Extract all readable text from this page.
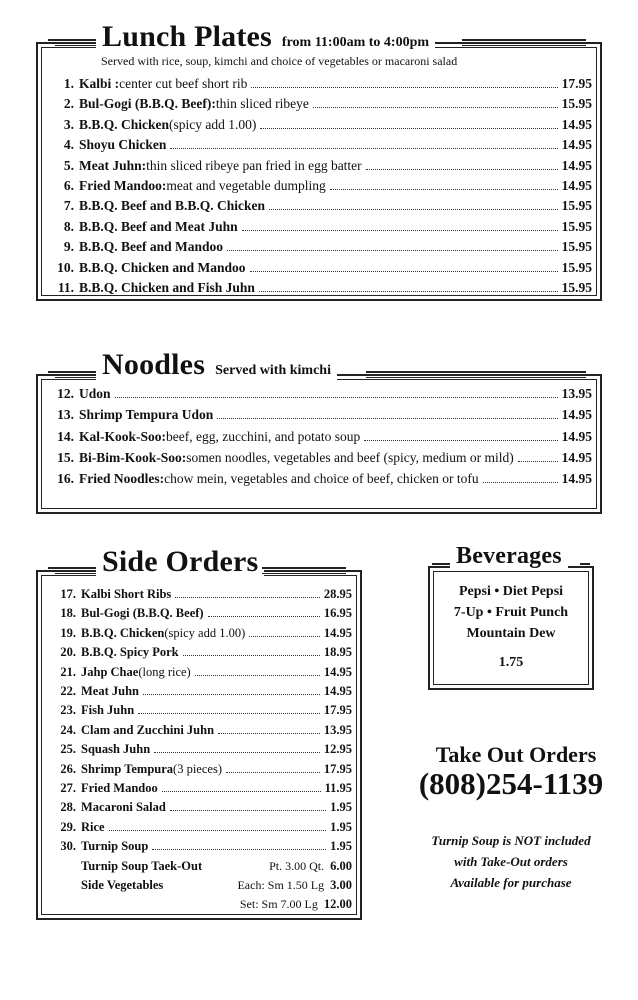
Lunch Plates from 11:00am to 4:00pm
Served with rice, soup, kimchi and choice of vegetables or macaroni salad
1. Kalbi : center cut beef short rib	17.95
2. Bul-Gogi (B.B.Q. Beef): thin sliced ribeye	15.95
3. B.B.Q. Chicken (spicy add 1.00)	14.95
4. Shoyu Chicken	14.95
5. Meat Juhn: thin sliced ribeye pan fried in egg batter	14.95
6. Fried Mandoo: meat and vegetable dumpling	14.95
7. B.B.Q. Beef and B.B.Q. Chicken	15.95
8. B.B.Q. Beef and Meat Juhn	15.95
9. B.B.Q. Beef and Mandoo	15.95
10. B.B.Q. Chicken and Mandoo	15.95
11. B.B.Q. Chicken and Fish Juhn	15.95
Noodles Served with kimchi
12. Udon	13.95
13. Shrimp Tempura Udon	14.95
14. Kal-Kook-Soo: beef, egg, zucchini, and potato soup	14.95
15. Bi-Bim-Kook-Soo: somen noodles, vegetables and beef (spicy, medium or mild)	14.95
16. Fried Noodles: chow mein, vegetables and choice of beef, chicken or tofu	14.95
Side Orders
17. Kalbi Short Ribs	28.95
18. Bul-Gogi (B.B.Q. Beef)	16.95
19. B.B.Q. Chicken (spicy add 1.00)	14.95
20. B.B.Q. Spicy Pork	18.95
21. Jahp Chae (long rice)	14.95
22. Meat Juhn	14.95
23. Fish Juhn	17.95
24. Clam and Zucchini Juhn	13.95
25. Squash Juhn	12.95
26. Shrimp Tempura (3 pieces)	17.95
27. Fried Mandoo	11.95
28. Macaroni Salad	1.95
29. Rice	1.95
30. Turnip Soup	1.95
Turnip Soup Taek-Out	Pt. 3.00 Qt. 6.00
Side Vegetables	Each: Sm 1.50 Lg 3.00
Set: Sm 7.00 Lg 12.00
Beverages
Pepsi • Diet Pepsi
7-Up • Fruit Punch
Mountain Dew
1.75
Take Out Orders
(808)254-1139
Turnip Soup is NOT included
with Take-Out orders
Available for purchase
